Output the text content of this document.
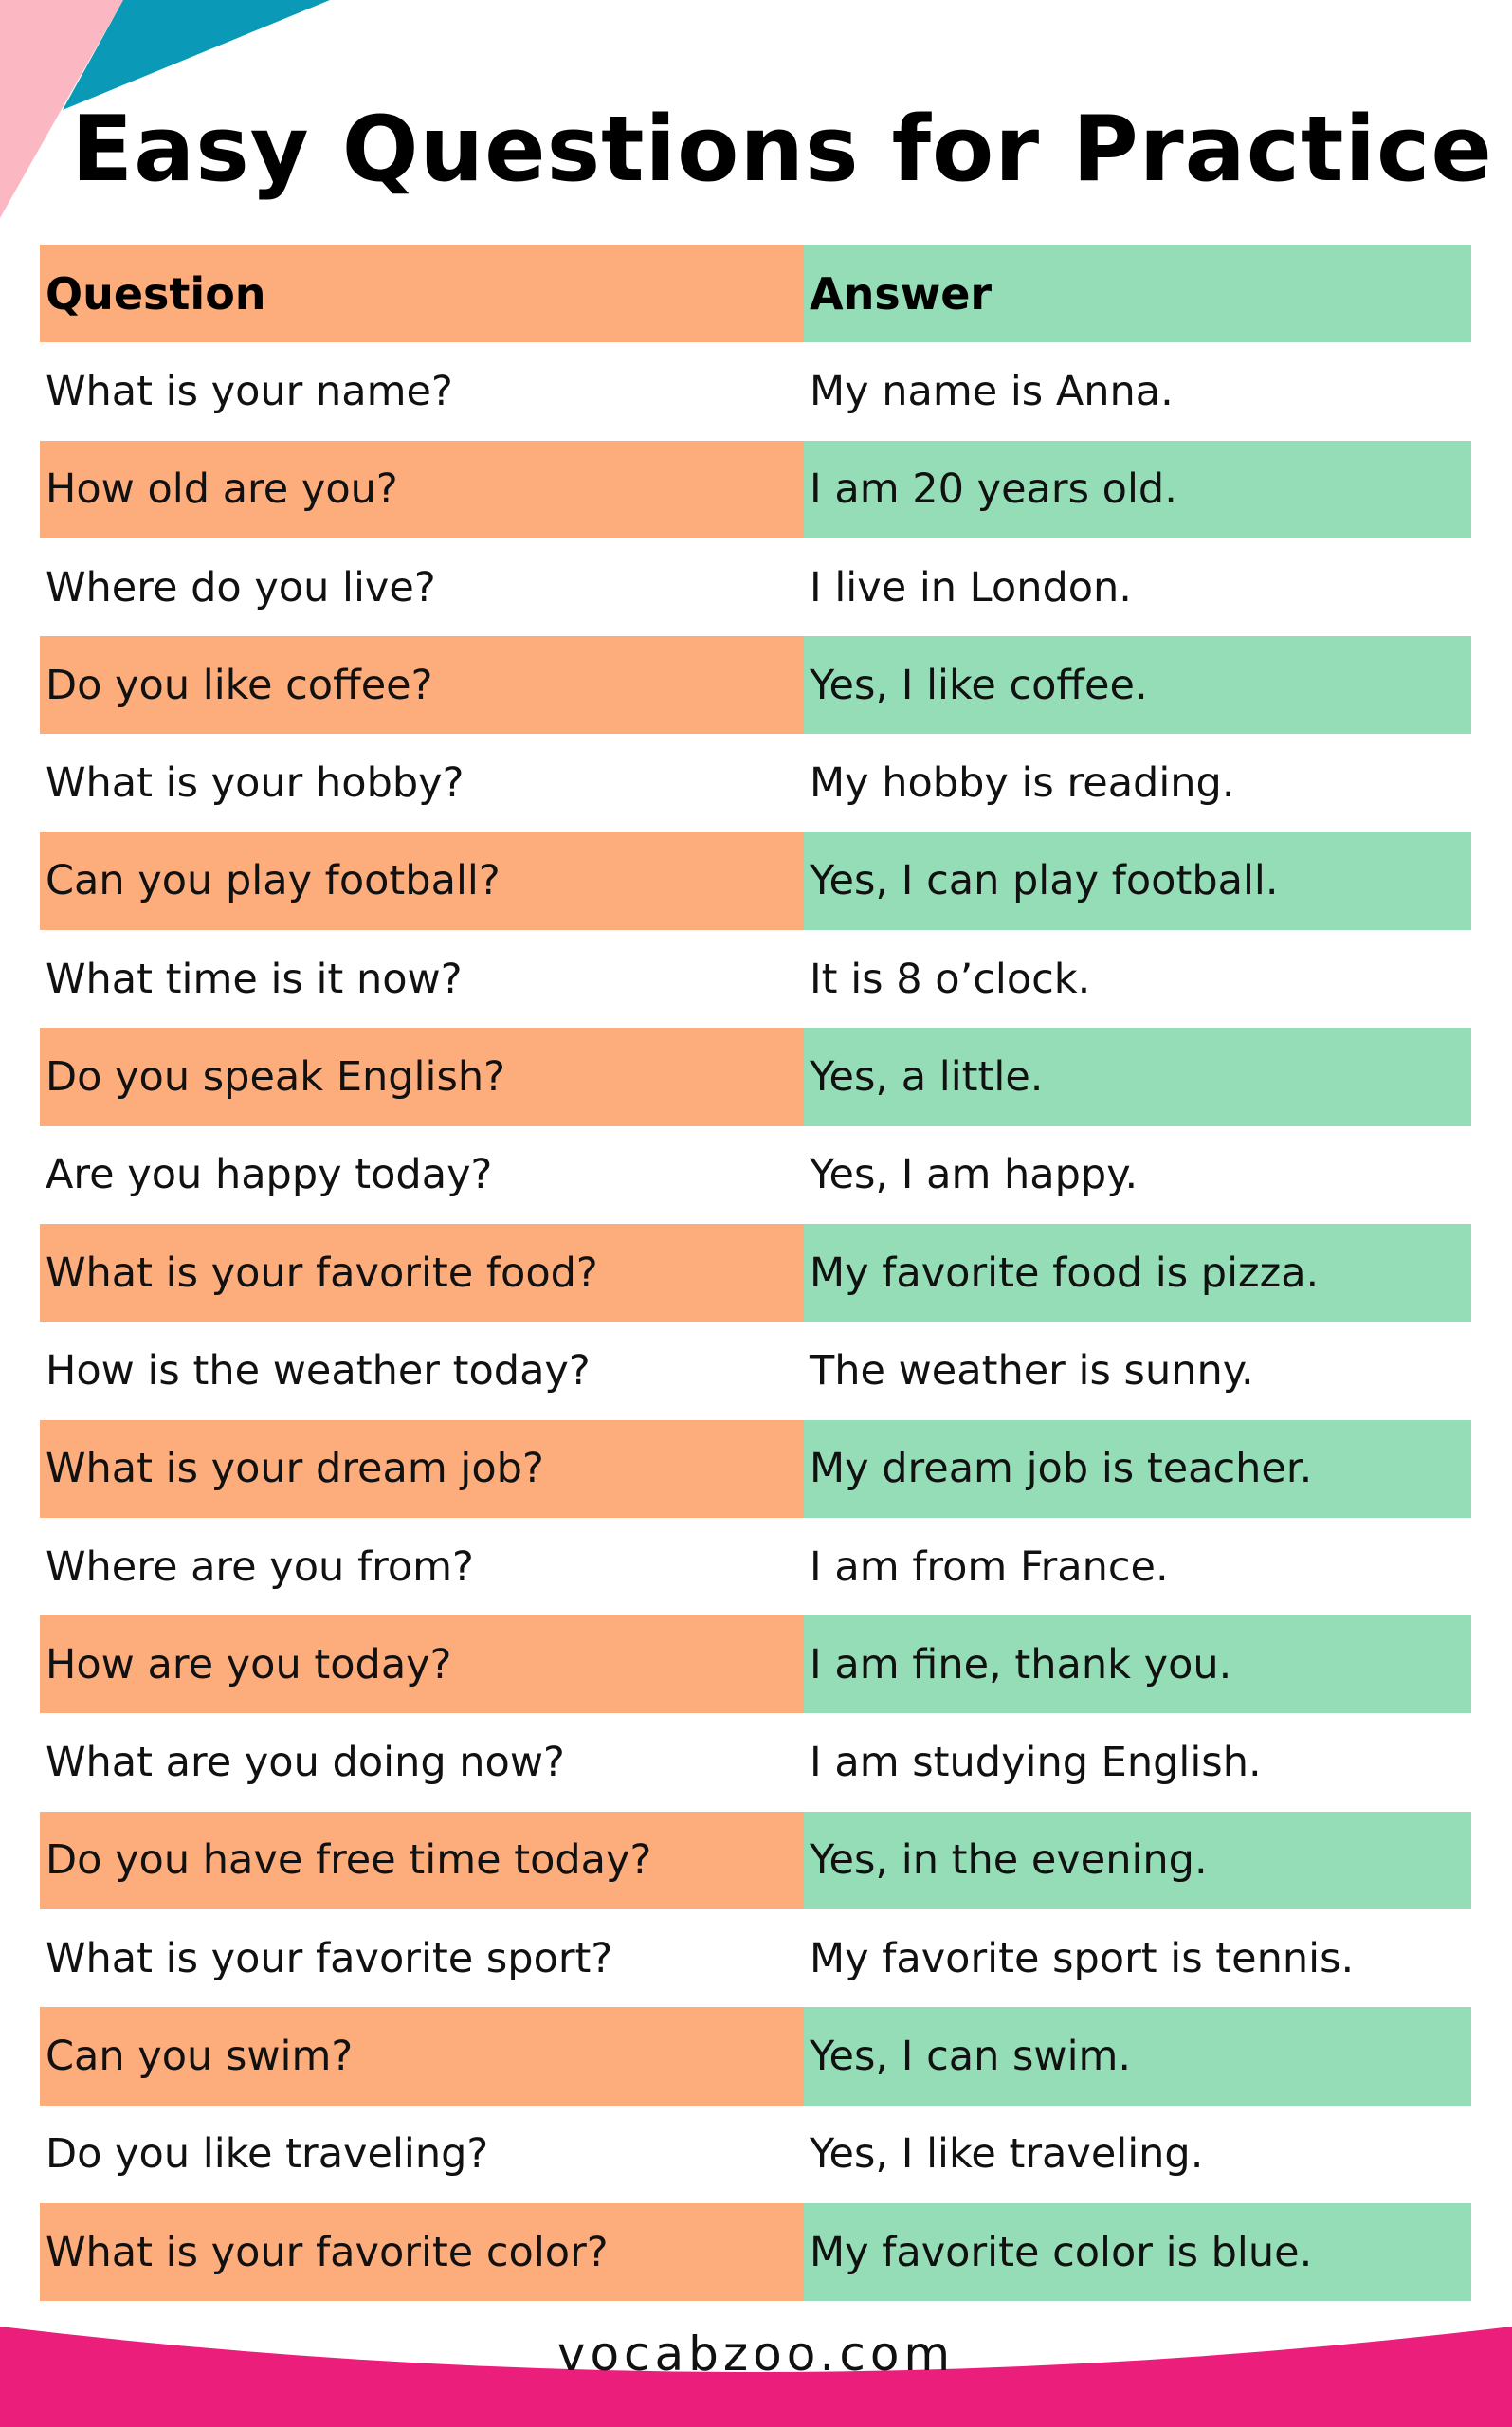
Easy Questions for Practice
Question	Answer
What is your name?	My name is Anna.
How old are you?	I am 20 years old.
Where do you live?	I live in London.
Do you like coffee?	Yes, I like coffee.
What is your hobby?	My hobby is reading.
Can you play football?	Yes, I can play football.
What time is it now?	It is 8 o’clock.
Do you speak English?	Yes, a little.
Are you happy today?	Yes, I am happy.
What is your favorite food?	My favorite food is pizza.
How is the weather today?	The weather is sunny.
What is your dream job?	My dream job is teacher.
Where are you from?	I am from France.
How are you today?	I am fine, thank you.
What are you doing now?	I am studying English.
Do you have free time today?	Yes, in the evening.
What is your favorite sport?	My favorite sport is tennis.
Can you swim?	Yes, I can swim.
Do you like traveling?	Yes, I like traveling.
What is your favorite color?	My favorite color is blue.
vocabzoo.com
